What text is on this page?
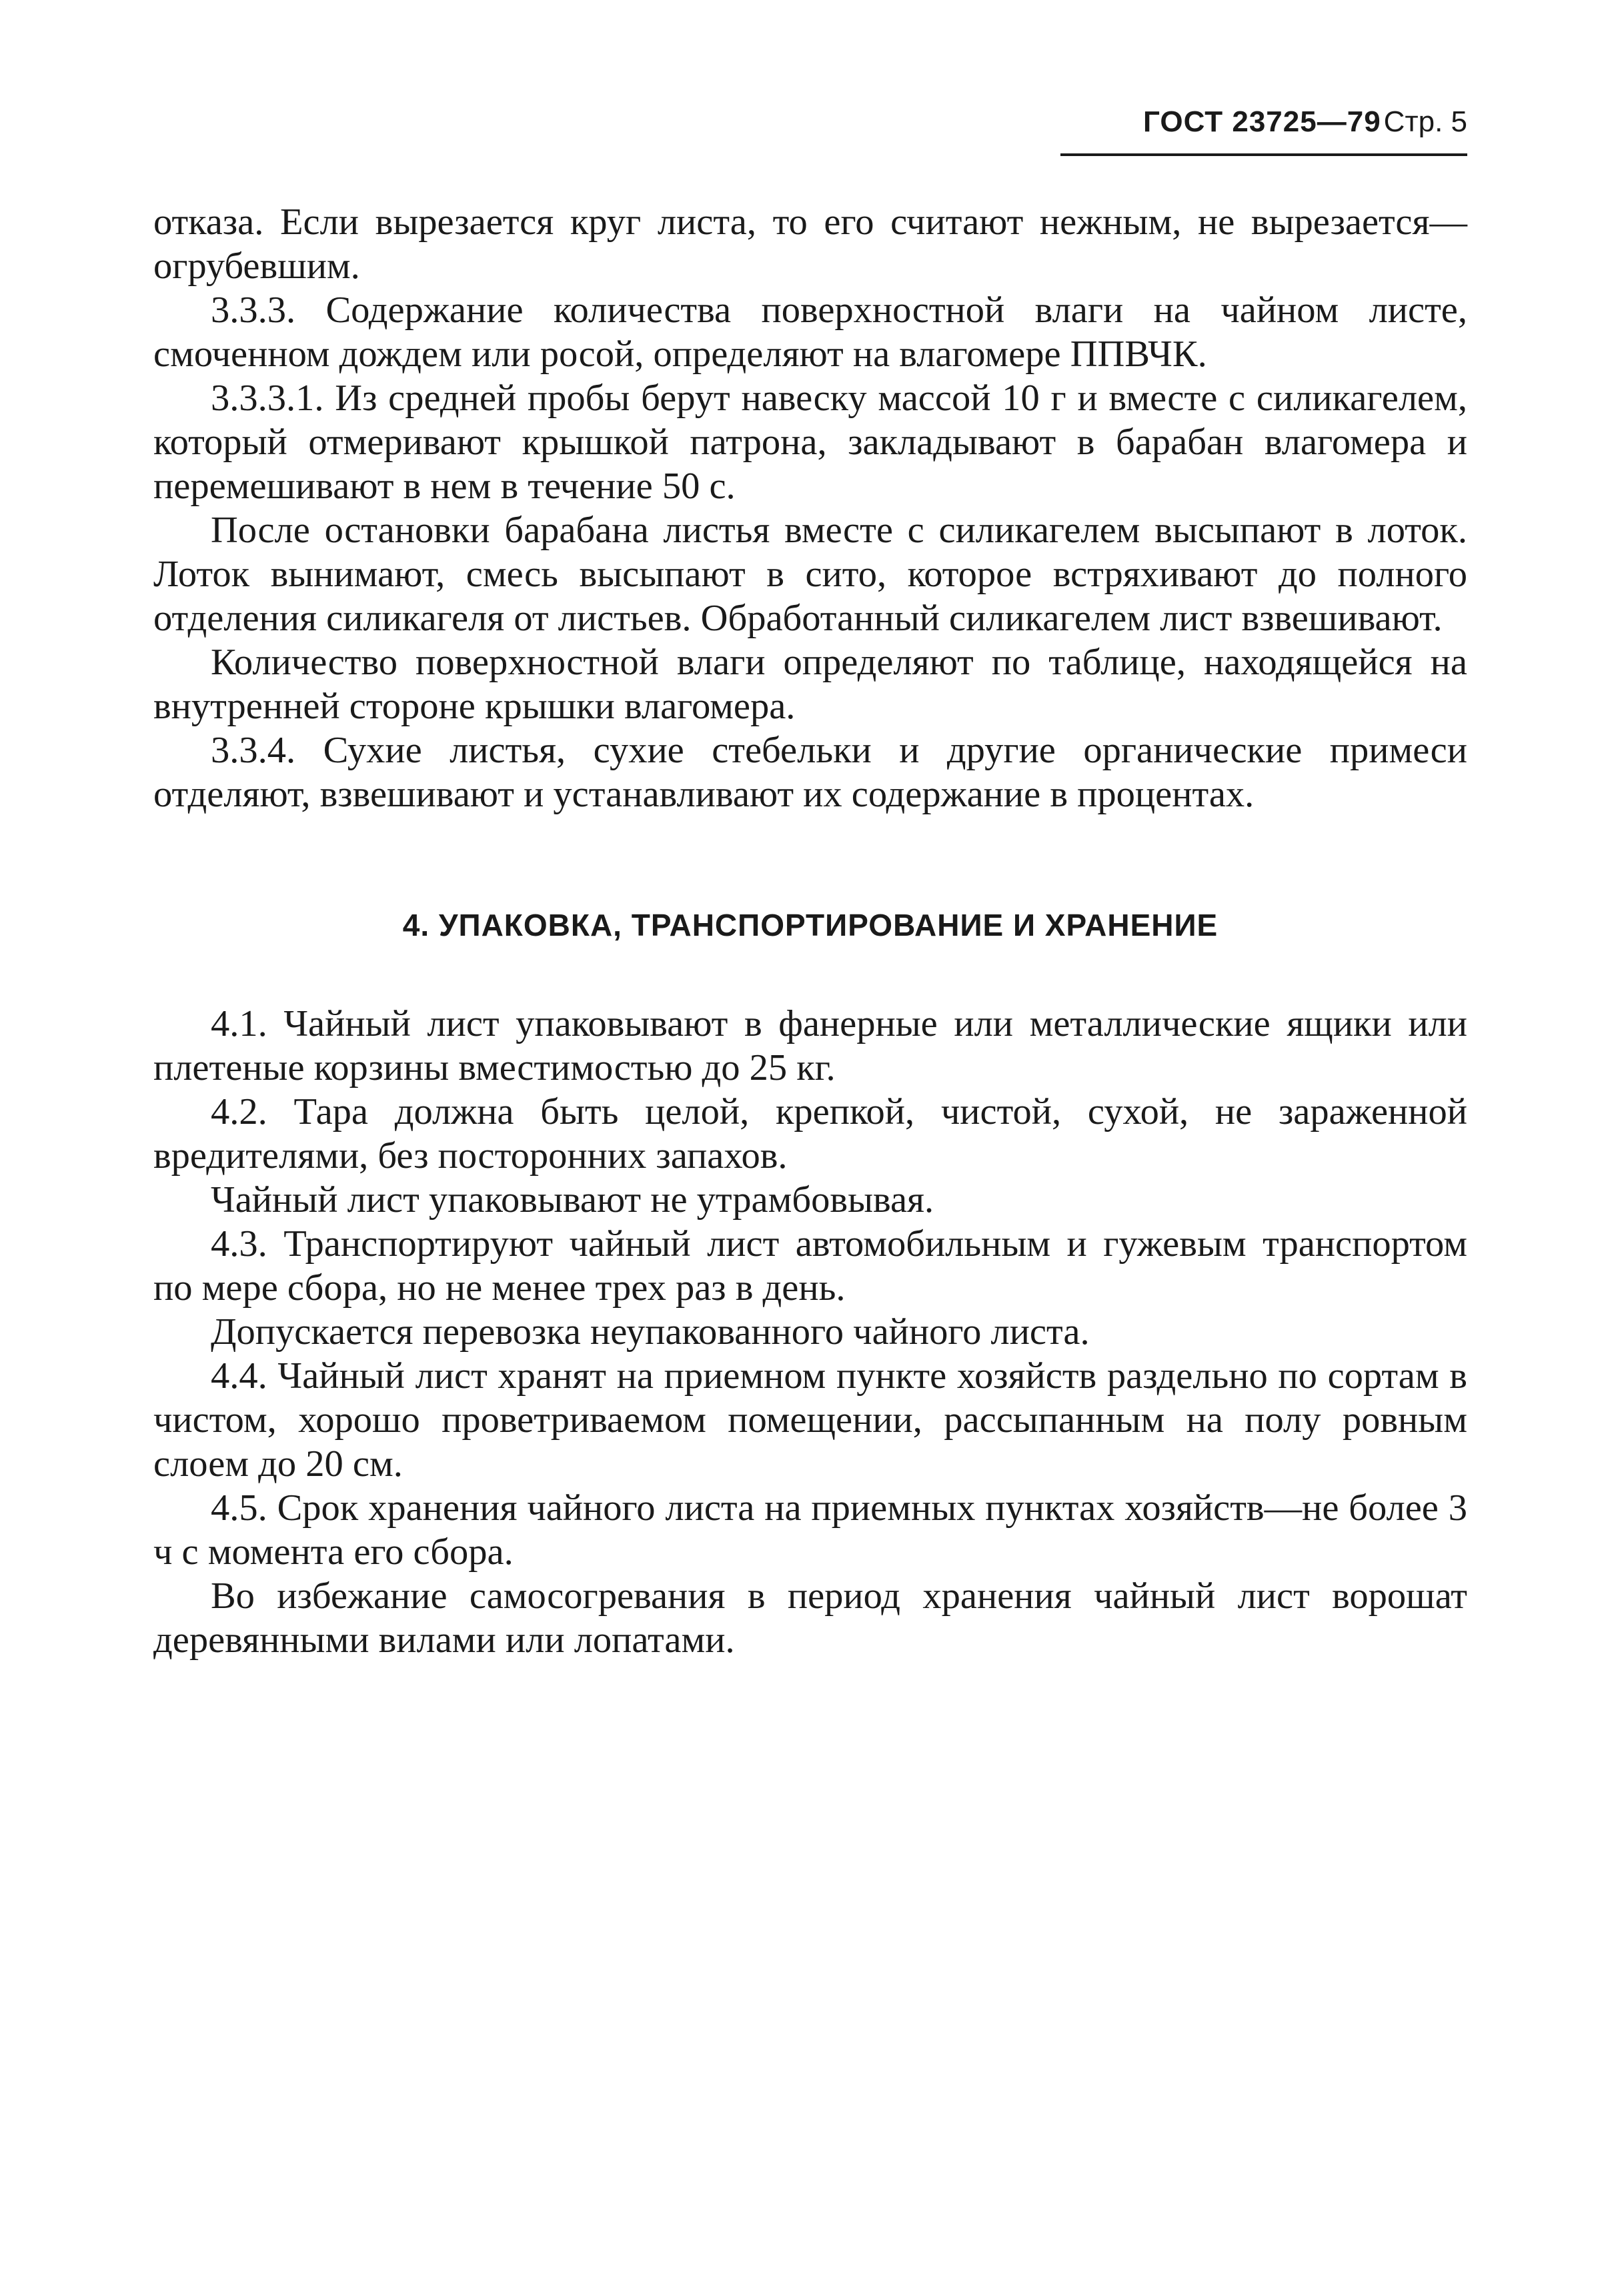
ГОСТ 23725—79 Стр. 5

отказа. Если вырезается круг листа, то его считают нежным, не вырезается—огрубевшим.

3.3.3. Содержание количества поверхностной влаги на чайном листе, смоченном дождем или росой, определяют на влагомере ППВЧК.

3.3.3.1. Из средней пробы берут навеску массой 10 г и вместе с силикагелем, который отмеривают крышкой патрона, закладывают в барабан влагомера и перемешивают в нем в течение 50 с.

После остановки барабана листья вместе с силикагелем высыпают в лоток. Лоток вынимают, смесь высыпают в сито, которое встряхивают до полного отделения силикагеля от листьев. Обработанный силикагелем лист взвешивают.

Количество поверхностной влаги определяют по таблице, находящейся на внутренней стороне крышки влагомера.

3.3.4. Сухие листья, сухие стебельки и другие органические примеси отделяют, взвешивают и устанавливают их содержание в процентах.

4. УПАКОВКА, ТРАНСПОРТИРОВАНИЕ И ХРАНЕНИЕ

4.1. Чайный лист упаковывают в фанерные или металлические ящики или плетеные корзины вместимостью до 25 кг.

4.2. Тара должна быть целой, крепкой, чистой, сухой, не зараженной вредителями, без посторонних запахов.

Чайный лист упаковывают не утрамбовывая.

4.3. Транспортируют чайный лист автомобильным и гужевым транспортом по мере сбора, но не менее трех раз в день.

Допускается перевозка неупакованного чайного листа.

4.4. Чайный лист хранят на приемном пункте хозяйств раздельно по сортам в чистом, хорошо проветриваемом помещении, рассыпанным на полу ровным слоем до 20 см.

4.5. Срок хранения чайного листа на приемных пунктах хозяйств—не более 3 ч с момента его сбора.

Во избежание самосогревания в период хранения чайный лист ворошат деревянными вилами или лопатами.
